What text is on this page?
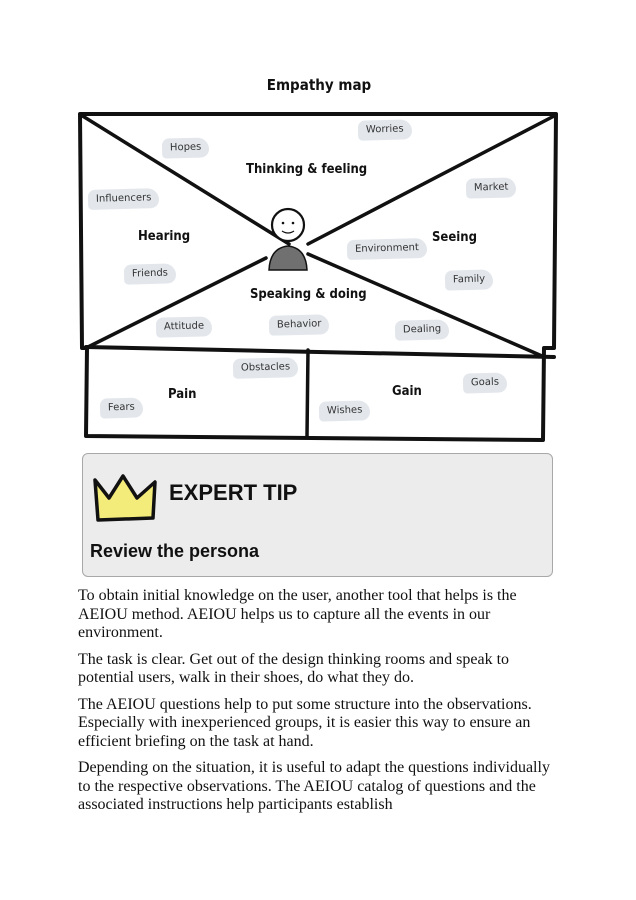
Empathy map
Thinking & feeling
Hearing	Seeing
Speaking & doing
Pain	Gain
Hopes
Worries
Influencers
Market
Environment
Friends
Family
Attitude	Behavior	Dealing
Obstacles
Fears
Goals
Wishes
EXPERT TIP
Review the persona

To obtain initial knowledge on the user, another tool that helps is the AEIOU method. AEIOU helps us to capture all the events in our environment.

The task is clear. Get out of the design thinking rooms and speak to potential users, walk in their shoes, do what they do.

The AEIOU questions help to put some structure into the observations. Especially with inexperienced groups, it is easier this way to ensure an efficient briefing on the task at hand.

Depending on the situation, it is useful to adapt the questions individually to the respective observations. The AEIOU catalog of questions and the associated instructions help participants establish
